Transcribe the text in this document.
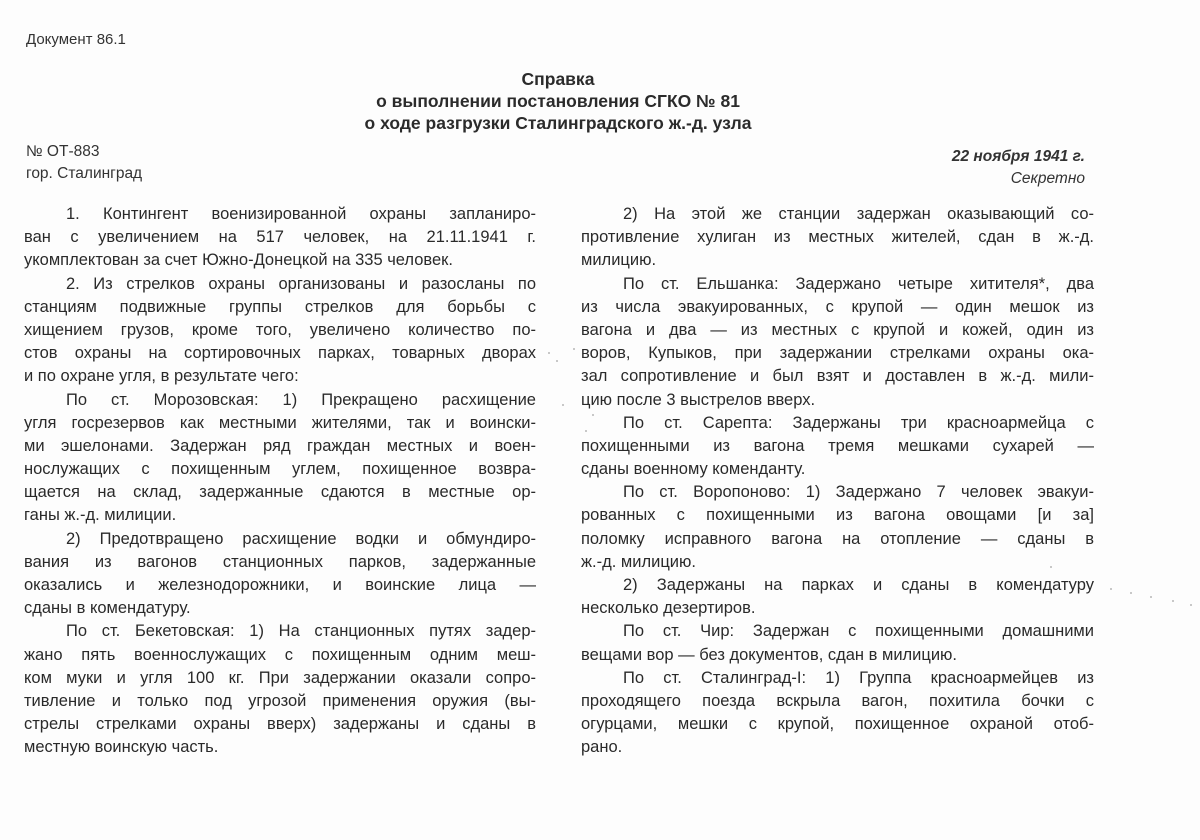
Документ 86.1
Справка
о выполнении постановления СГКО № 81
о ходе разгрузки Сталинградского ж.-д. узла
№ ОТ-883
гор. Сталинград
22 ноября 1941 г.
Секретно
1. Контингент военизированной охраны запланиро-
ван с увеличением на 517 человек, на 21.11.1941 г.
укомплектован за счет Южно-Донецкой на 335 человек.
2. Из стрелков охраны организованы и разосланы по
станциям подвижные группы стрелков для борьбы с
хищением грузов, кроме того, увеличено количество по-
стов охраны на сортировочных парках, товарных дворах
и по охране угля, в результате чего:
По ст. Морозовская: 1) Прекращено расхищение
угля госрезервов как местными жителями, так и воински-
ми эшелонами. Задержан ряд граждан местных и воен-
нослужащих с похищенным углем, похищенное возвра-
щается на склад, задержанные сдаются в местные ор-
ганы ж.-д. милиции.
2) Предотвращено расхищение водки и обмундиро-
вания из вагонов станционных парков, задержанные
оказались и железнодорожники, и воинские лица —
сданы в комендатуру.
По ст. Бекетовская: 1) На станционных путях задер-
жано пять военнослужащих с похищенным одним меш-
ком муки и угля 100 кг. При задержании оказали сопро-
тивление и только под угрозой применения оружия (вы-
стрелы стрелками охраны вверх) задержаны и сданы в
местную воинскую часть.
2) На этой же станции задержан оказывающий со-
противление хулиган из местных жителей, сдан в ж.-д.
милицию.
По ст. Ельшанка: Задержано четыре хитителя*, два
из числа эвакуированных, с крупой — один мешок из
вагона и два — из местных с крупой и кожей, один из
воров, Купыков, при задержании стрелками охраны ока-
зал сопротивление и был взят и доставлен в ж.-д. мили-
цию после 3 выстрелов вверх.
По ст. Сарепта: Задержаны три красноармейца с
похищенными из вагона тремя мешками сухарей —
сданы военному коменданту.
По ст. Воропоново: 1) Задержано 7 человек эвакуи-
рованных с похищенными из вагона овощами [и за]
поломку исправного вагона на отопление — сданы в
ж.-д. милицию.
2) Задержаны на парках и сданы в комендатуру
несколько дезертиров.
По ст. Чир: Задержан с похищенными домашними
вещами вор — без документов, сдан в милицию.
По ст. Сталинград-I: 1) Группа красноармейцев из
проходящего поезда вскрыла вагон, похитила бочки с
огурцами, мешки с крупой, похищенное охраной отоб-
рано.
